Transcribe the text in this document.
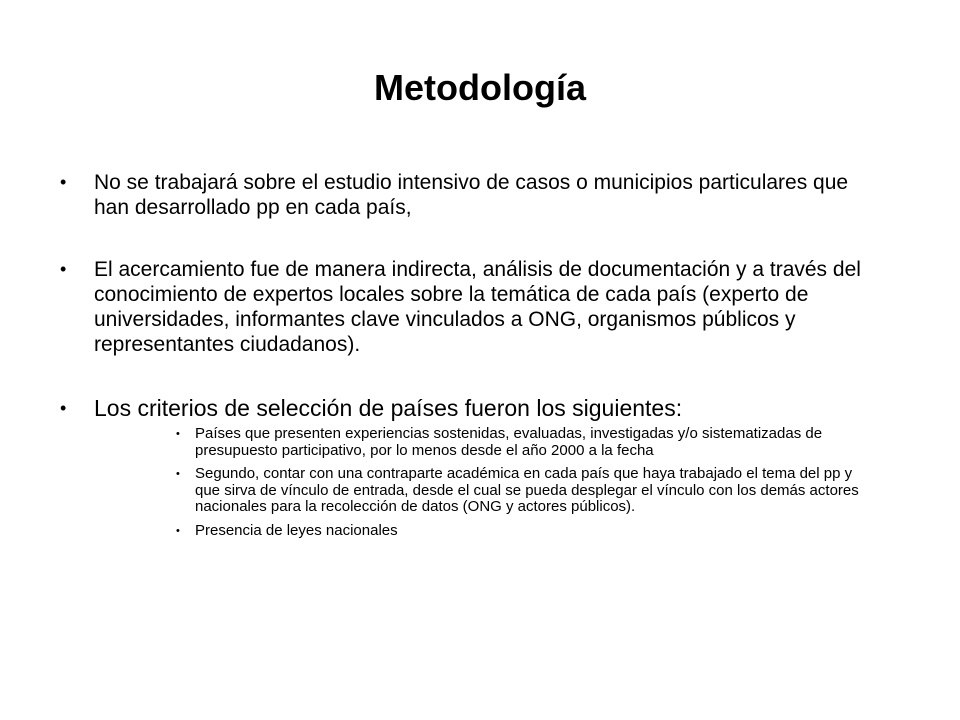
Metodología
• No se trabajará sobre el estudio intensivo de casos o municipios particulares que han desarrollado pp en cada país,
• El acercamiento fue de manera indirecta, análisis de documentación y a través del conocimiento de expertos locales sobre la temática de cada país (experto de universidades, informantes clave vinculados a ONG, organismos públicos y representantes ciudadanos).
• Los criterios de selección de países fueron los siguientes:
• Países que presenten experiencias sostenidas, evaluadas, investigadas y/o sistematizadas de presupuesto participativo, por lo menos desde el año 2000 a la fecha
• Segundo, contar con una contraparte académica en cada país que haya trabajado el tema del pp y que sirva de vínculo de entrada, desde el cual se pueda desplegar el vínculo con los demás actores nacionales para la recolección de datos (ONG y actores públicos).
• Presencia de leyes nacionales
